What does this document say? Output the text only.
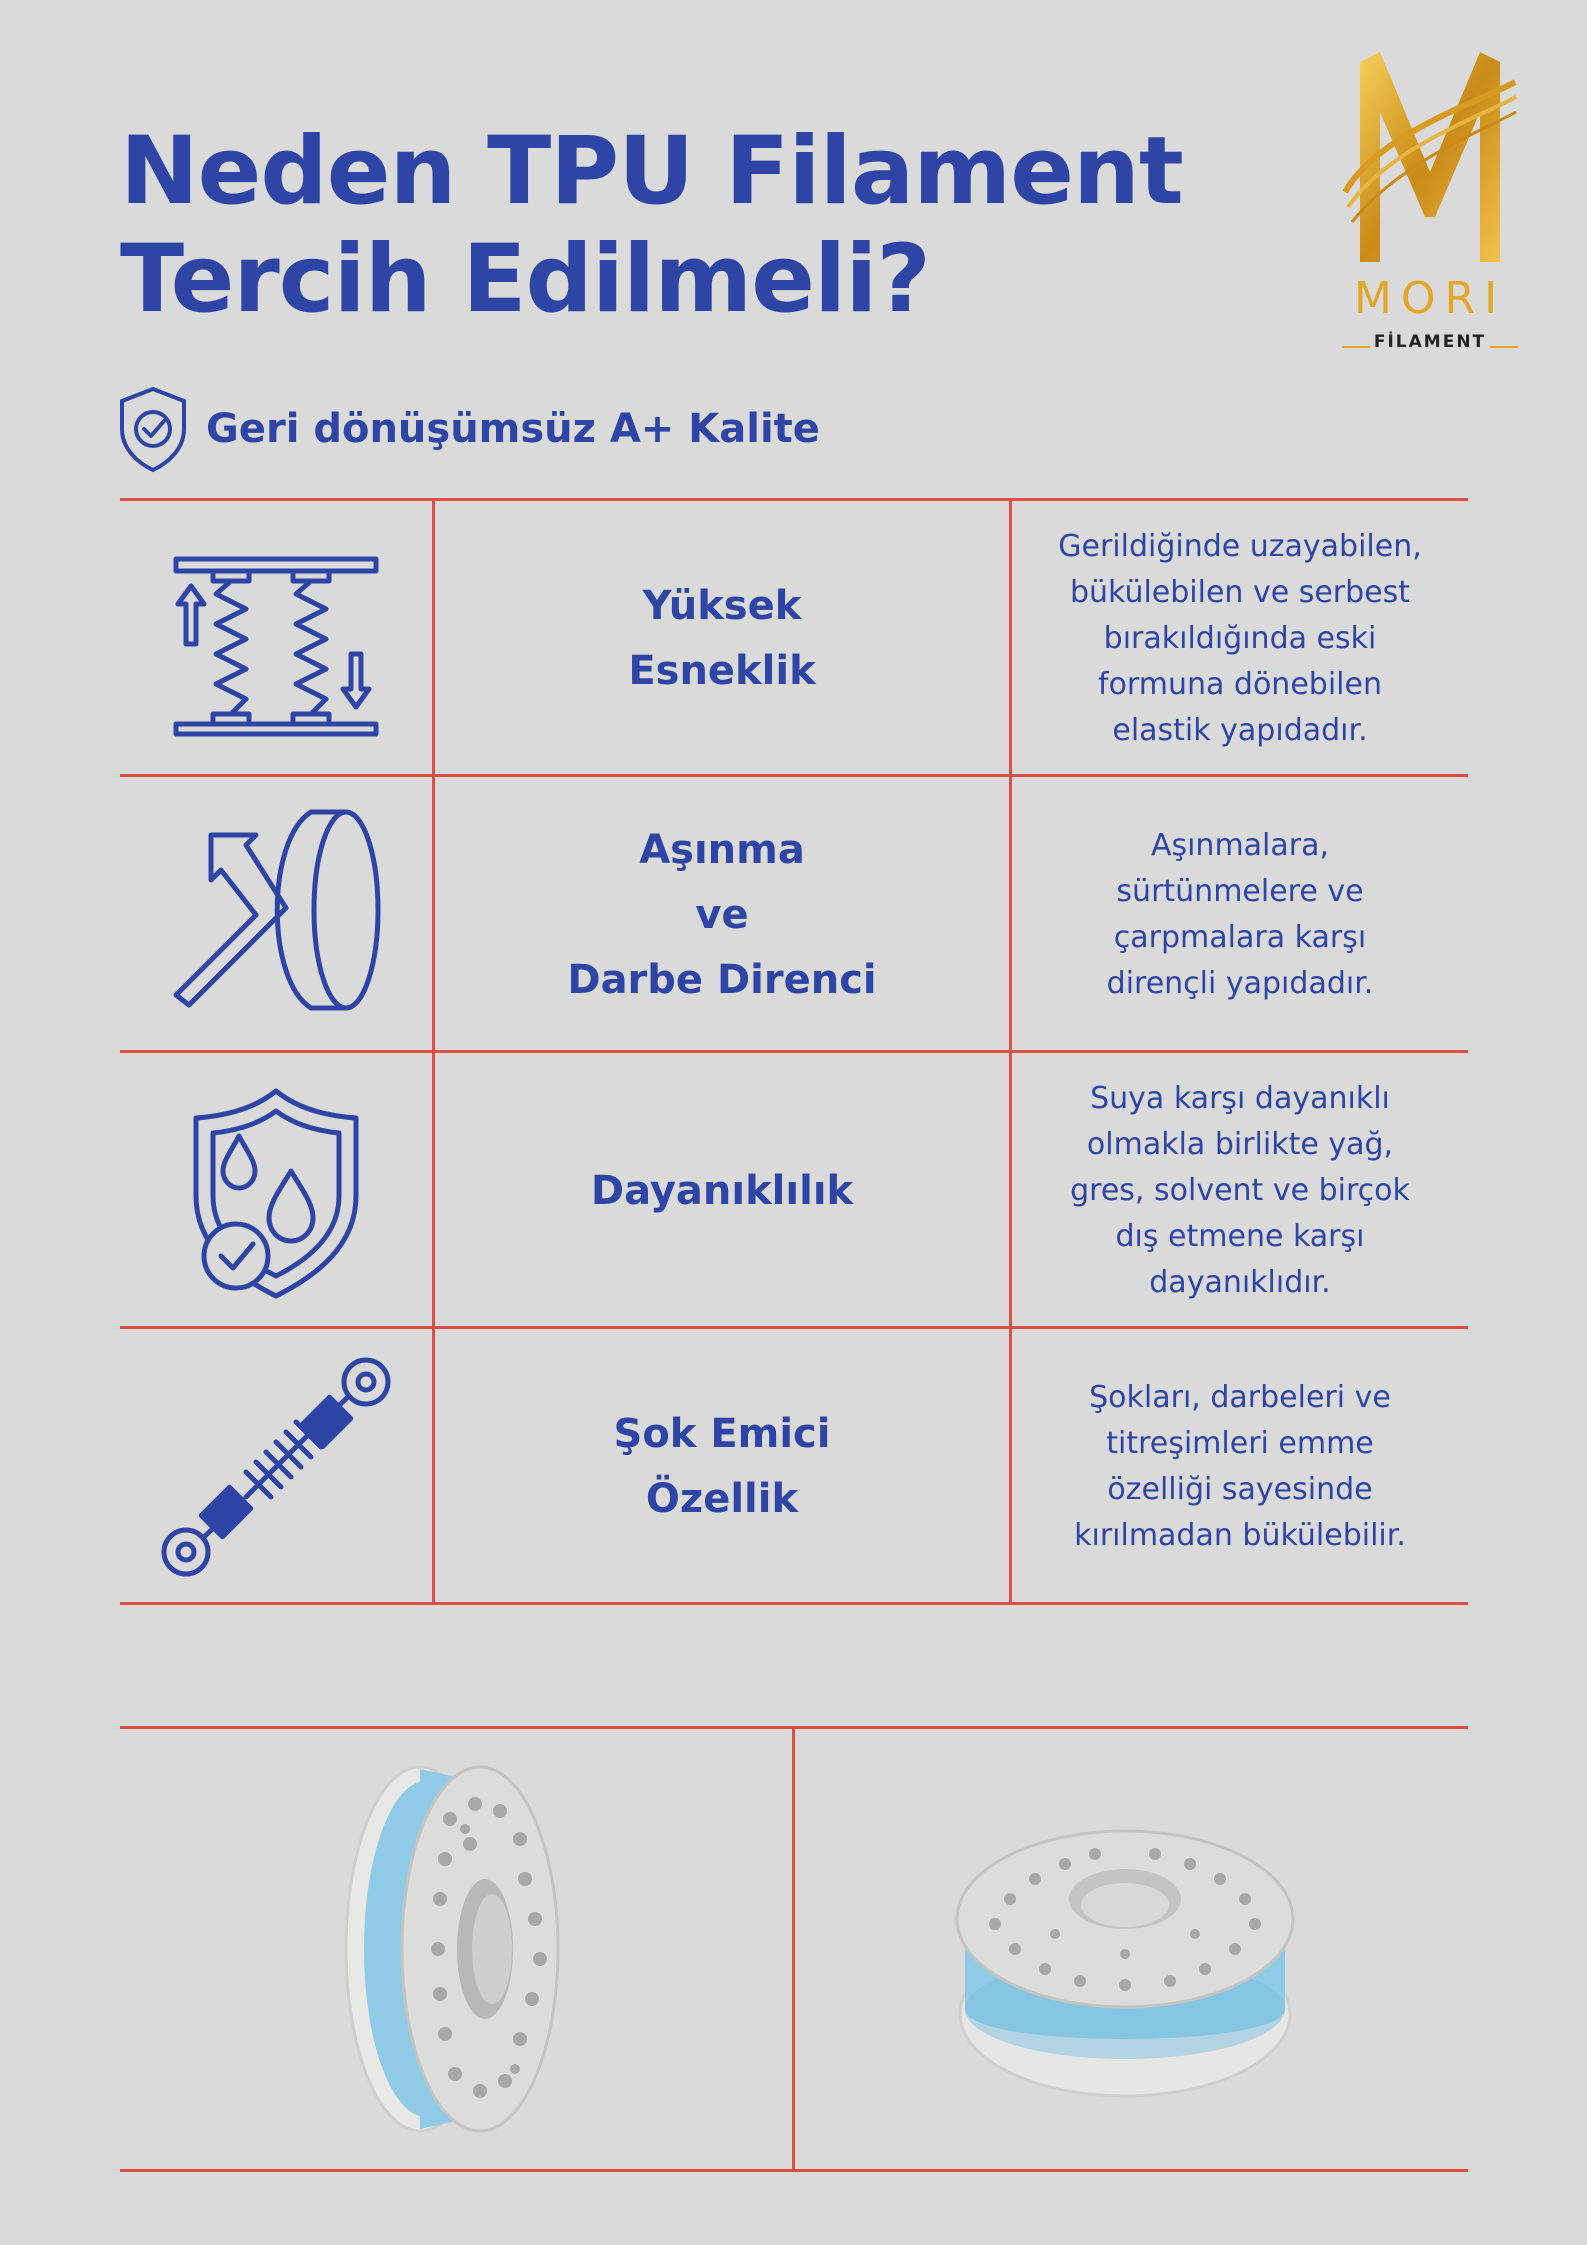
Neden TPU Filament
Tercih Edilmeli?	MORI
FİLAMENT
Geri dönüşümsüz A+ Kalite
Yüksek
Esneklik
Gerildiğinde uzayabilen,
bükülebilen ve serbest
bırakıldığında eski
formuna dönebilen
elastik yapıdadır.
Aşınma
ve
Darbe Direnci
Aşınmalara,
sürtünmelere ve
çarpmalara karşı
dirençli yapıdadır.
Dayanıklılık
Suya karşı dayanıklı
olmakla birlikte yağ,
gres, solvent ve birçok
dış etmene karşı
dayanıklıdır.
Şok Emici
Özellik
Şokları, darbeleri ve
titreşimleri emme
özelliği sayesinde
kırılmadan bükülebilir.
